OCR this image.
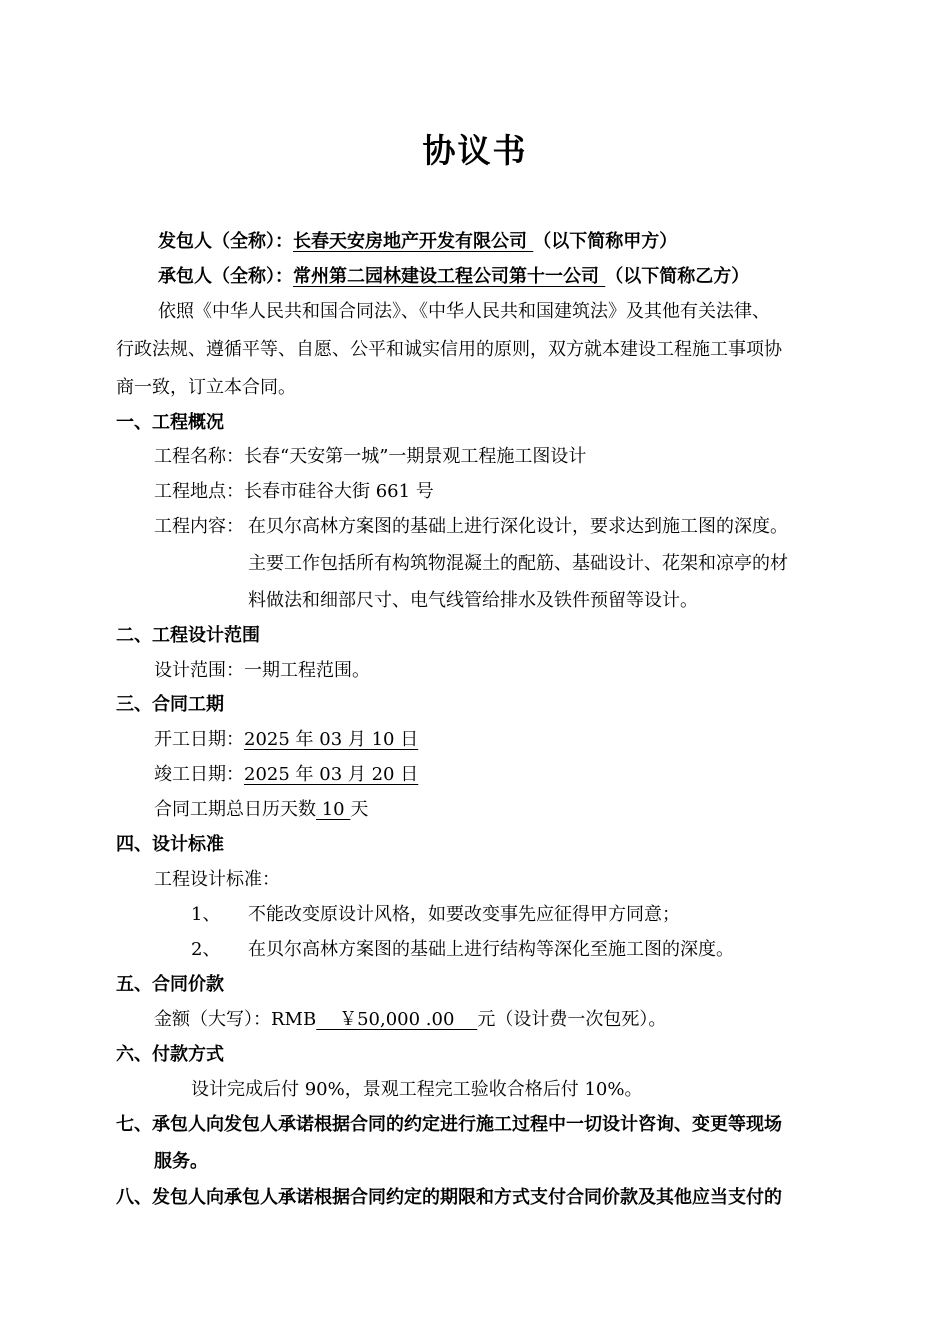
协议书
发包人（全称）：长春天安房地产开发有限公司 （以下简称甲方）
承包人（全称）：常州第二园林建设工程公司第十一公司 （以下简称乙方）
依照《中华人民共和国合同法》、《中华人民共和国建筑法》及其他有关法律、
行政法规、遵循平等、自愿、公平和诚实信用的原则，双方就本建设工程施工事项协
商一致，订立本合同。
一、工程概况
工程名称：长春“天安第一城”一期景观工程施工图设计
工程地点：长春市硅谷大街 661 号
工程内容： 在贝尔高林方案图的基础上进行深化设计，要求达到施工图的深度。
主要工作包括所有构筑物混凝土的配筋、基础设计、花架和凉亭的材
料做法和细部尺寸、电气线管给排水及铁件预留等设计。
二、工程设计范围
设计范围：一期工程范围。
三、合同工期
开工日期：2025 年 03 月 10 日
竣工日期：2025 年 03 月 20 日
合同工期总日历天数 10 天
四、设计标准
工程设计标准：
1、 不能改变原设计风格，如要改变事先应征得甲方同意；
2、 在贝尔高林方案图的基础上进行结构等深化至施工图的深度。
五、合同价款
金额（大写）：RMB    ￥50,000 .00    元（设计费一次包死）。
六、付款方式
设计完成后付 90%，景观工程完工验收合格后付 10%。
七、承包人向发包人承诺根据合同的约定进行施工过程中一切设计咨询、变更等现场
服务。
八、发包人向承包人承诺根据合同约定的期限和方式支付合同价款及其他应当支付的
